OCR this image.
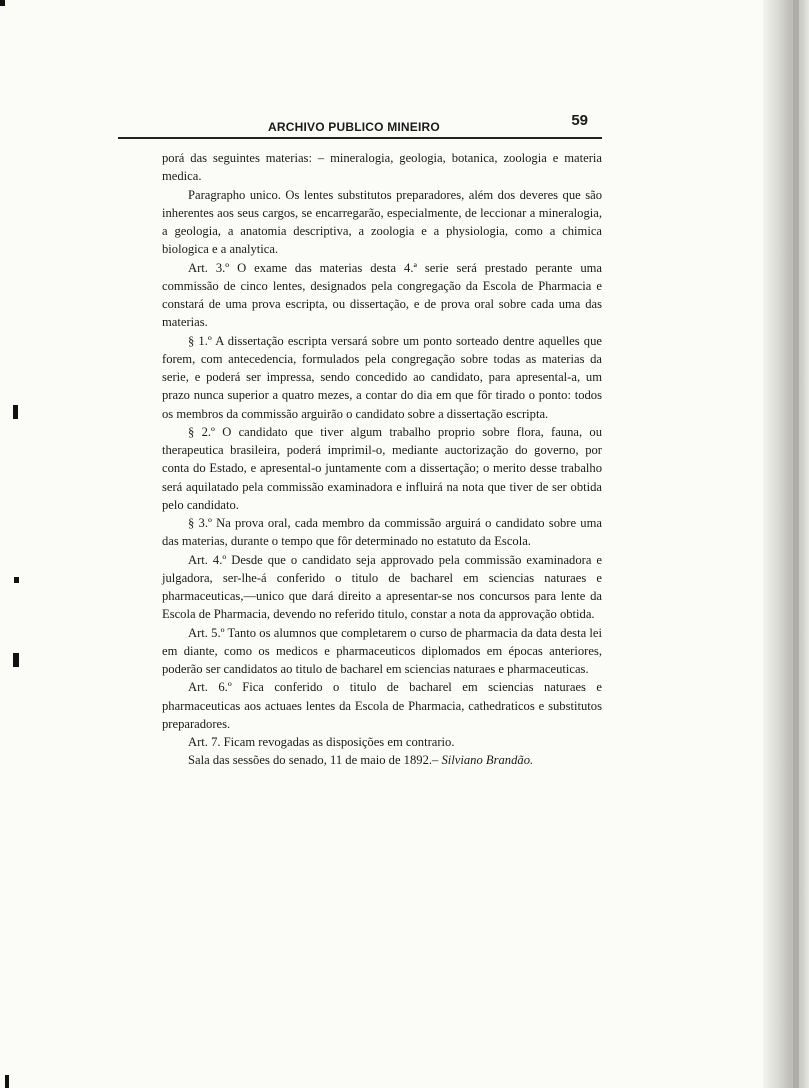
ARCHIVO PUBLICO MINEIRO	59

porá das seguintes materias: – mineralogia, geologia, botanica, zoologia e materia medica.

Paragrapho unico. Os lentes substitutos preparadores, além dos deveres que são inherentes aos seus cargos, se encarregarão, especialmente, de leccionar a mineralogia, a geologia, a anatomia descriptiva, a zoologia e a physiologia, como a chimica biologica e a analytica.

Art. 3.º O exame das materias desta 4.ª serie será prestado perante uma commissão de cinco lentes, designados pela congregação da Escola de Pharmacia e constará de uma prova escripta, ou dissertação, e de prova oral sobre cada uma das materias.

§ 1.º A dissertação escripta versará sobre um ponto sorteado dentre aquelles que forem, com antecedencia, formulados pela congregação sobre todas as materias da serie, e poderá ser impressa, sendo concedido ao candidato, para apresental-a, um prazo nunca superior a quatro mezes, a contar do dia em que fôr tirado o ponto: todos os membros da commissão arguirão o candidato sobre a dissertação escripta.

§ 2.º O candidato que tiver algum trabalho proprio sobre flora, fauna, ou therapeutica brasileira, poderá imprimil-o, mediante auctorização do governo, por conta do Estado, e apresental-o juntamente com a dissertação; o merito desse trabalho será aquilatado pela commissão examinadora e influirá na nota que tiver de ser obtida pelo candidato.

§ 3.º Na prova oral, cada membro da commissão arguirá o candidato sobre uma das materias, durante o tempo que fôr determinado no estatuto da Escola.

Art. 4.º Desde que o candidato seja approvado pela commissão examinadora e julgadora, ser-lhe-á conferido o titulo de bacharel em sciencias naturaes e pharmaceuticas,—unico que dará direito a apresentar-se nos concursos para lente da Escola de Pharmacia, devendo no referido titulo, constar a nota da approvação obtida.

Art. 5.º Tanto os alumnos que completarem o curso de pharmacia da data desta lei em diante, como os medicos e pharmaceuticos diplomados em épocas anteriores, poderão ser candidatos ao titulo de bacharel em sciencias naturaes e pharmaceuticas.

Art. 6.º Fica conferido o titulo de bacharel em sciencias naturaes e pharmaceuticas aos actuaes lentes da Escola de Pharmacia, cathedraticos e substitutos preparadores.

Art. 7. Ficam revogadas as disposições em contrario.

Sala das sessões do senado, 11 de maio de 1892.– Silviano Brandão.
